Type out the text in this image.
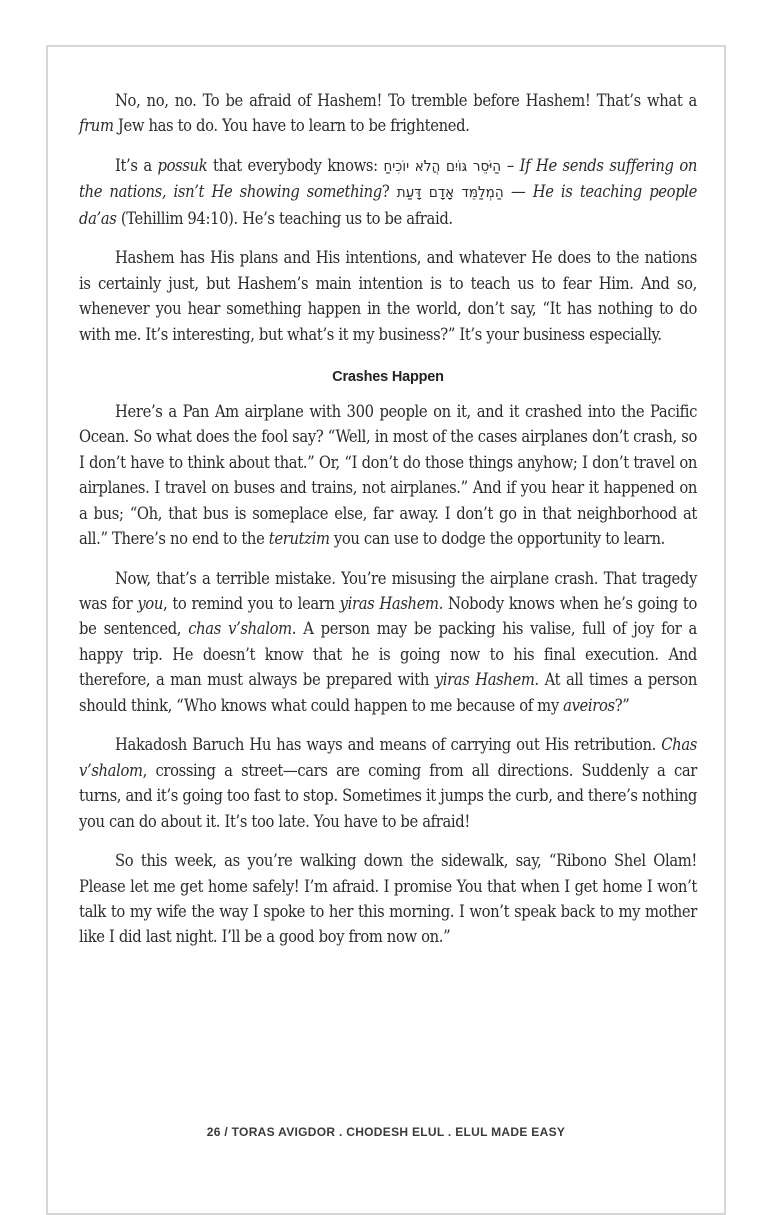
No, no, no. To be afraid of Hashem! To tremble before Hashem! That’s what a frum Jew has to do. You have to learn to be frightened.

It’s a possuk that everybody knows: הַיֹּסֵר גּוֹיִם הֲלֹא יוֹכִיחַ – If He sends suffering on the nations, isn’t He showing something? הַמְלַמֵּד אָדָם דָּעַת — He is teaching people da’as (Tehillim 94:10). He’s teaching us to be afraid.

Hashem has His plans and His intentions, and whatever He does to the nations is certainly just, but Hashem’s main intention is to teach us to fear Him. And so, whenever you hear something happen in the world, don’t say, “It has nothing to do with me. It’s interesting, but what’s it my business?” It’s your business especially.

Crashes Happen

Here’s a Pan Am airplane with 300 people on it, and it crashed into the Pacific Ocean. So what does the fool say? “Well, in most of the cases airplanes don’t crash, so I don’t have to think about that.” Or, “I don’t do those things anyhow; I don’t travel on airplanes. I travel on buses and trains, not airplanes.” And if you hear it happened on a bus; “Oh, that bus is someplace else, far away. I don’t go in that neighborhood at all.” There’s no end to the terutzim you can use to dodge the opportunity to learn.

Now, that’s a terrible mistake. You’re misusing the airplane crash. That tragedy was for you, to remind you to learn yiras Hashem. Nobody knows when he’s going to be sentenced, chas v’shalom. A person may be packing his valise, full of joy for a happy trip. He doesn’t know that he is going now to his final execution. And therefore, a man must always be prepared with yiras Hashem. At all times a person should think, “Who knows what could happen to me because of my aveiros?”

Hakadosh Baruch Hu has ways and means of carrying out His retribution. Chas v’shalom, crossing a street—cars are coming from all directions. Suddenly a car turns, and it’s going too fast to stop. Sometimes it jumps the curb, and there’s nothing you can do about it. It’s too late. You have to be afraid!

So this week, as you’re walking down the sidewalk, say, “Ribono Shel Olam! Please let me get home safely! I’m afraid. I promise You that when I get home I won’t talk to my wife the way I spoke to her this morning. I won’t speak back to my mother like I did last night. I’ll be a good boy from now on.”

26 / TORAS AVIGDOR . CHODESH ELUL . ELUL MADE EASY
